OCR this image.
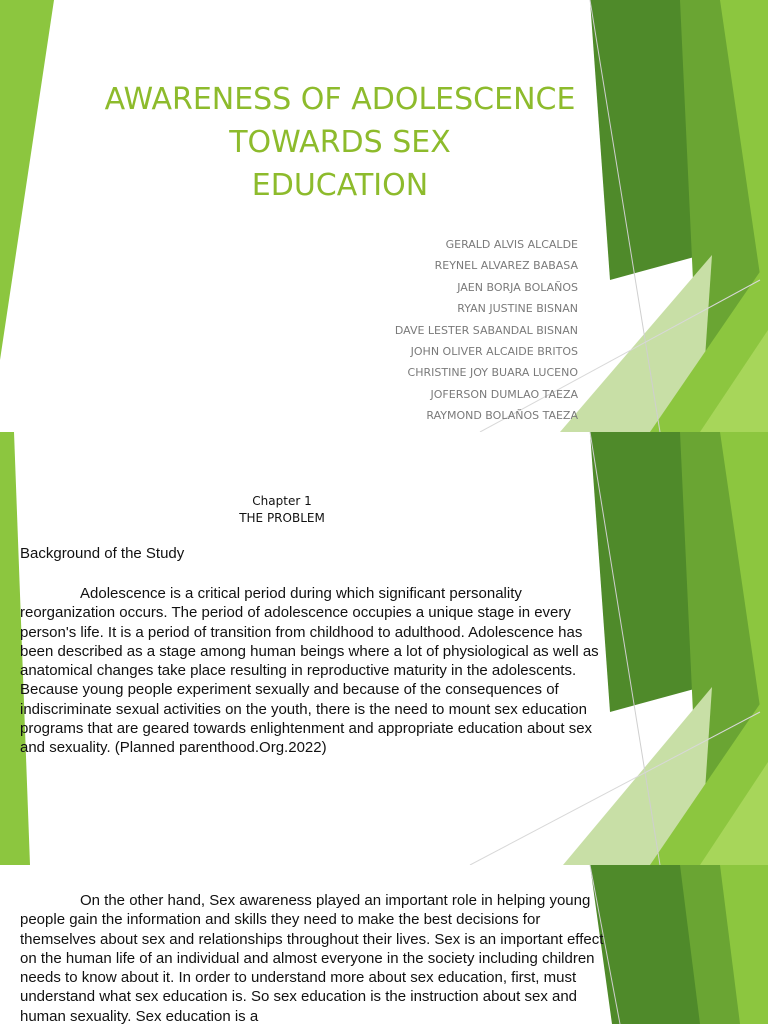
AWARENESS OF ADOLESCENCE
TOWARDS SEX
EDUCATION
GERALD ALVIS ALCALDE
REYNEL ALVAREZ BABASA
JAEN BORJA BOLAÑOS
RYAN JUSTINE BISNAN
DAVE LESTER SABANDAL BISNAN
JOHN OLIVER ALCAIDE BRITOS
CHRISTINE JOY BUARA LUCENO
JOFERSON DUMLAO TAEZA
RAYMOND BOLAÑOS TAEZA
Chapter 1
THE PROBLEM
Background of the Study

Adolescence is a critical period during which significant personality reorganization occurs. The period of adolescence occupies a unique stage in every person's life. It is a period of transition from childhood to adulthood. Adolescence has been described as a stage among human beings where a lot of physiological as well as anatomical changes take place resulting in reproductive maturity in the adolescents. Because young people experiment sexually and because of the consequences of indiscriminate sexual activities on the youth, there is the need to mount sex education programs that are geared towards enlightenment and appropriate education about sex and sexuality. (Planned parenthood.Org.2022)

On the other hand, Sex awareness played an important role in helping young people gain the information and skills they need to make the best decisions for themselves about sex and relationships throughout their lives. Sex is an important effect on the human life of an individual and almost everyone in the society including children needs to know about it. In order to understand more about sex education, first, must understand what sex education is. So sex education is the instruction about sex and human sexuality. Sex education is a
